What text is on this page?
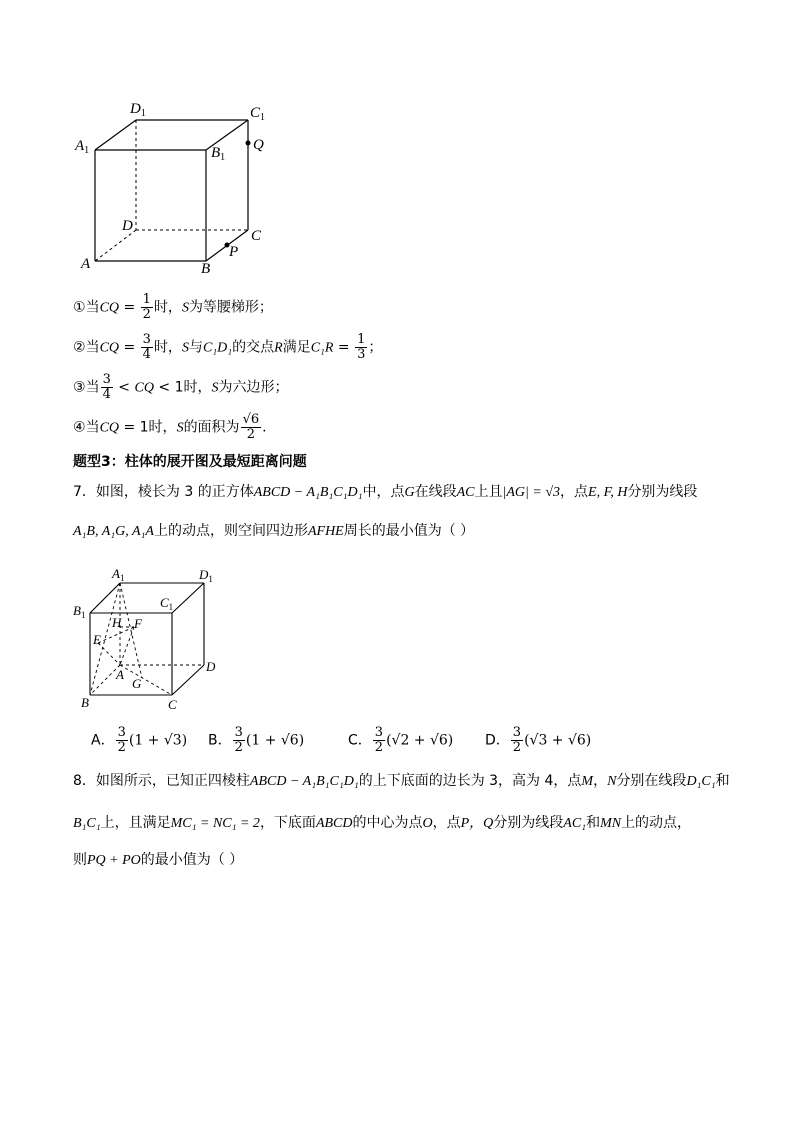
$D_1$	$C_1$
$A_1$	$B_1$
Q
D
C
A	B
P
①当CQ = $\frac{1}{2}$ 时，S为等腰梯形；
②当CQ = $\frac{3}{4}$ 时，S与C₁D₁的交点R满足$C_1R = \frac{1}{3}$ ；
③当 $\frac{3}{4}$ < CQ < 1时，S为六边形；
④当CQ = 1时，S的面积为 $\frac{√6}{2}$ .
题型3：柱体的展开图及最短距离问题
7．如图，棱长为 3 的正方体ABCD − A₁B₁C₁D₁中，点G在线段AC上且|AG| = √3，点E, F, H分别为线段
A₁B, A₁G, A₁A上的动点，则空间四边形AFHE周长的最小值为（ ）
$A_1$	$D_1$
$B_1$
$C_1$
H F
E
A
G
D
B	C
A． $\frac{3}{2} (1 + √3)$ B． $\frac{3}{2} (1 + √6)$	C． $\frac{3}{2} (√2 + √6)$ D． $\frac{3}{2} (√3 + √6)$
8．如图所示，已知正四棱柱ABCD − A₁B₁C₁D₁的上下底面的边长为 3，高为 4，点M，N分别在线段D₁C₁和
B₁C₁上，且满足MC₁ = NC₁ = 2，下底面ABCD的中心为点O，点P，Q分别为线段AC₁和MN上的动点，
则PQ + PO的最小值为（ ）
